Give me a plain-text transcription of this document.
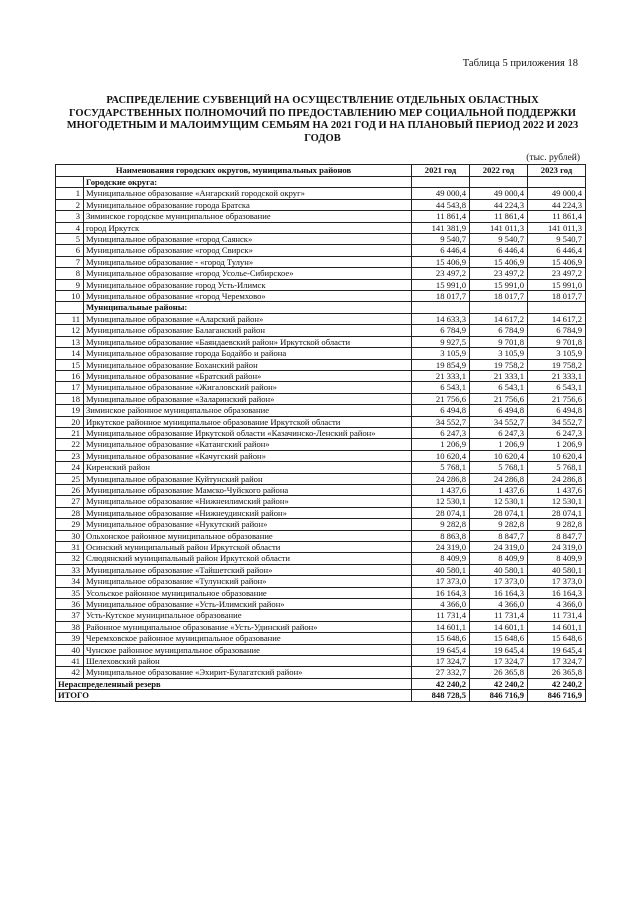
Таблица 5 приложения 18
РАСПРЕДЕЛЕНИЕ СУБВЕНЦИЙ НА ОСУЩЕСТВЛЕНИЕ ОТДЕЛЬНЫХ ОБЛАСТНЫХ ГОСУДАРСТВЕННЫХ ПОЛНОМОЧИЙ ПО ПРЕДОСТАВЛЕНИЮ МЕР СОЦИАЛЬНОЙ ПОДДЕРЖКИ МНОГОДЕТНЫМ И МАЛОИМУЩИМ СЕМЬЯМ НА 2021 ГОД И НА ПЛАНОВЫЙ ПЕРИОД 2022 И 2023 ГОДОВ
(тыс. рублей)
Наименования городских округов, муниципальных районов		2021 год	2022 год	2023 год
	Городские округа:			
1	Муниципальное образование «Ангарский городской округ»	49 000,4	49 000,4	49 000,4
2	Муниципальное образование города Братска	44 543,8	44 224,3	44 224,3
3	Зиминское городское муниципальное образование	11 861,4	11 861,4	11 861,4
4	город Иркутск	141 381,9	141 011,3	141 011,3
5	Муниципальное образование «город Саянск»	9 540,7	9 540,7	9 540,7
6	Муниципальное образование «город Свирск»	6 446,4	6 446,4	6 446,4
7	Муниципальное образование - «город Тулун»	15 406,9	15 406,9	15 406,9
8	Муниципальное образование «город Усолье-Сибирское»	23 497,2	23 497,2	23 497,2
9	Муниципальное образование город Усть-Илимск	15 991,0	15 991,0	15 991,0
10	Муниципальное образование «город Черемхово»	18 017,7	18 017,7	18 017,7
	Муниципальные районы:			
11	Муниципальное образование «Аларский район»	14 633,3	14 617,2	14 617,2
12	Муниципальное образование Балаганский район	6 784,9	6 784,9	6 784,9
13	Муниципальное образование «Баяндаевский район» Иркутской области	9 927,5	9 701,8	9 701,8
14	Муниципальное образование города Бодайбо и района	3 105,9	3 105,9	3 105,9
15	Муниципальное образование Боханский район	19 854,9	19 758,2	19 758,2
16	Муниципальное образование «Братский район»	21 333,1	21 333,1	21 333,1
17	Муниципальное образование «Жигаловский район»	6 543,1	6 543,1	6 543,1
18	Муниципальное образование «Заларинский район»	21 756,6	21 756,6	21 756,6
19	Зиминское районное муниципальное образование	6 494,8	6 494,8	6 494,8
20	Иркутское районное муниципальное образование Иркутской области	34 552,7	34 552,7	34 552,7
21	Муниципальное образование Иркутской области «Казачинско-Ленский район»	6 247,3	6 247,3	6 247,3
22	Муниципальное образование «Катангский район»	1 206,9	1 206,9	1 206,9
23	Муниципальное образование «Качугский район»	10 620,4	10 620,4	10 620,4
24	Киренский район	5 768,1	5 768,1	5 768,1
25	Муниципальное образование Куйтунский район	24 286,8	24 286,8	24 286,8
26	Муниципальное образование Мамско-Чуйского района	1 437,6	1 437,6	1 437,6
27	Муниципальное образование «Нижнеилимский район»	12 530,1	12 530,1	12 530,1
28	Муниципальное образование «Нижнеудинский район»	28 074,1	28 074,1	28 074,1
29	Муниципальное образование «Нукутский район»	9 282,8	9 282,8	9 282,8
30	Ольхонское районное муниципальное образование	8 863,8	8 847,7	8 847,7
31	Осинский муниципальный район Иркутской области	24 319,0	24 319,0	24 319,0
32	Слюдянский муниципальный район Иркутской области	8 409,9	8 409,9	8 409,9
33	Муниципальное образование «Тайшетский район»	40 580,1	40 580,1	40 580,1
34	Муниципальное образование «Тулунский район»	17 373,0	17 373,0	17 373,0
35	Усольское районное муниципальное образование	16 164,3	16 164,3	16 164,3
36	Муниципальное образование «Усть-Илимский район»	4 366,0	4 366,0	4 366,0
37	Усть-Кутское муниципальное образование	11 731,4	11 731,4	11 731,4
38	Районное муниципальное образование «Усть-Удинский район»	14 601,1	14 601,1	14 601,1
39	Черемховское районное муниципальное образование	15 648,6	15 648,6	15 648,6
40	Чунское районное муниципальное образование	19 645,4	19 645,4	19 645,4
41	Шелеховский район	17 324,7	17 324,7	17 324,7
42	Муниципальное образование «Эхирит-Булагатский район»	27 332,7	26 365,8	26 365,8
Нераспределенный резерв		42 240,2	42 240,2	42 240,2
ИТОГО		848 728,5	846 716,9	846 716,9
